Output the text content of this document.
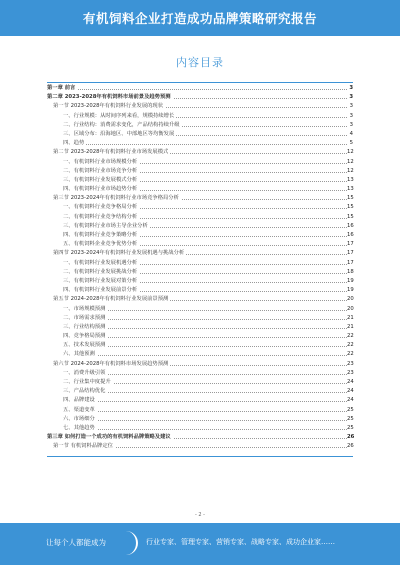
有机饲料企业打造成功品牌策略研究报告
内容目录
第一章 前言	3
第二章 2023-2028年有机饲料市场前景及趋势预测	3
第一节 2023-2028年有机饲料行业发展的现状	3
一、行业规模：从时间序列来看，规模持续增长	3
二、行业结构：消费需求变化，产品结构持续升级	3
三、区域分布：沿海地区、中部地区等均衡发展	4
四、趋势	5
第二节 2023-2028年有机饲料行业市场发展模式	12
一、有机饲料行业市场规模分析	12
二、有机饲料行业市场竞争分析	12
三、有机饲料行业发展模式分析	13
四、有机饲料行业市场趋势分析	13
第三节 2023-2024年有机饲料行业市场竞争格局分析	15
一、有机饲料行业竞争格局分析	15
二、有机饲料行业竞争结构分析	15
三、有机饲料行业市场主导企业分析	16
四、有机饲料行业竞争策略分析	16
五、有机饲料企业竞争优势分析	17
第四节 2023-2024年有机饲料行业发展机遇与挑战分析	17
一、有机饲料行业发展机遇分析	17
二、有机饲料行业发展挑战分析	18
三、有机饲料行业发展对策分析	19
四、有机饲料行业发展前景分析	19
第五节 2024-2028年有机饲料行业发展前景预测	20
一、市场规模预测	20
二、市场需求预测	21
三、行业结构预测	21
四、竞争格局预测	22
五、技术发展预测	22
六、其他预测	22
第六节 2024-2028年有机饲料市场发展趋势预测	23
一、消费升级引领	23
二、行业集中度提升	24
三、产品结构优化	24
四、品牌建设	24
五、渠道变革	25
六、市场细分	25
七、其他趋势	25
第三章 如何打造一个成功的有机饲料品牌策略及建议	26
第一节 有机饲料品牌定位	26
- 2 -
让每个人都能成为	行业专家、管理专家、营销专家、战略专家、成功企业家……
